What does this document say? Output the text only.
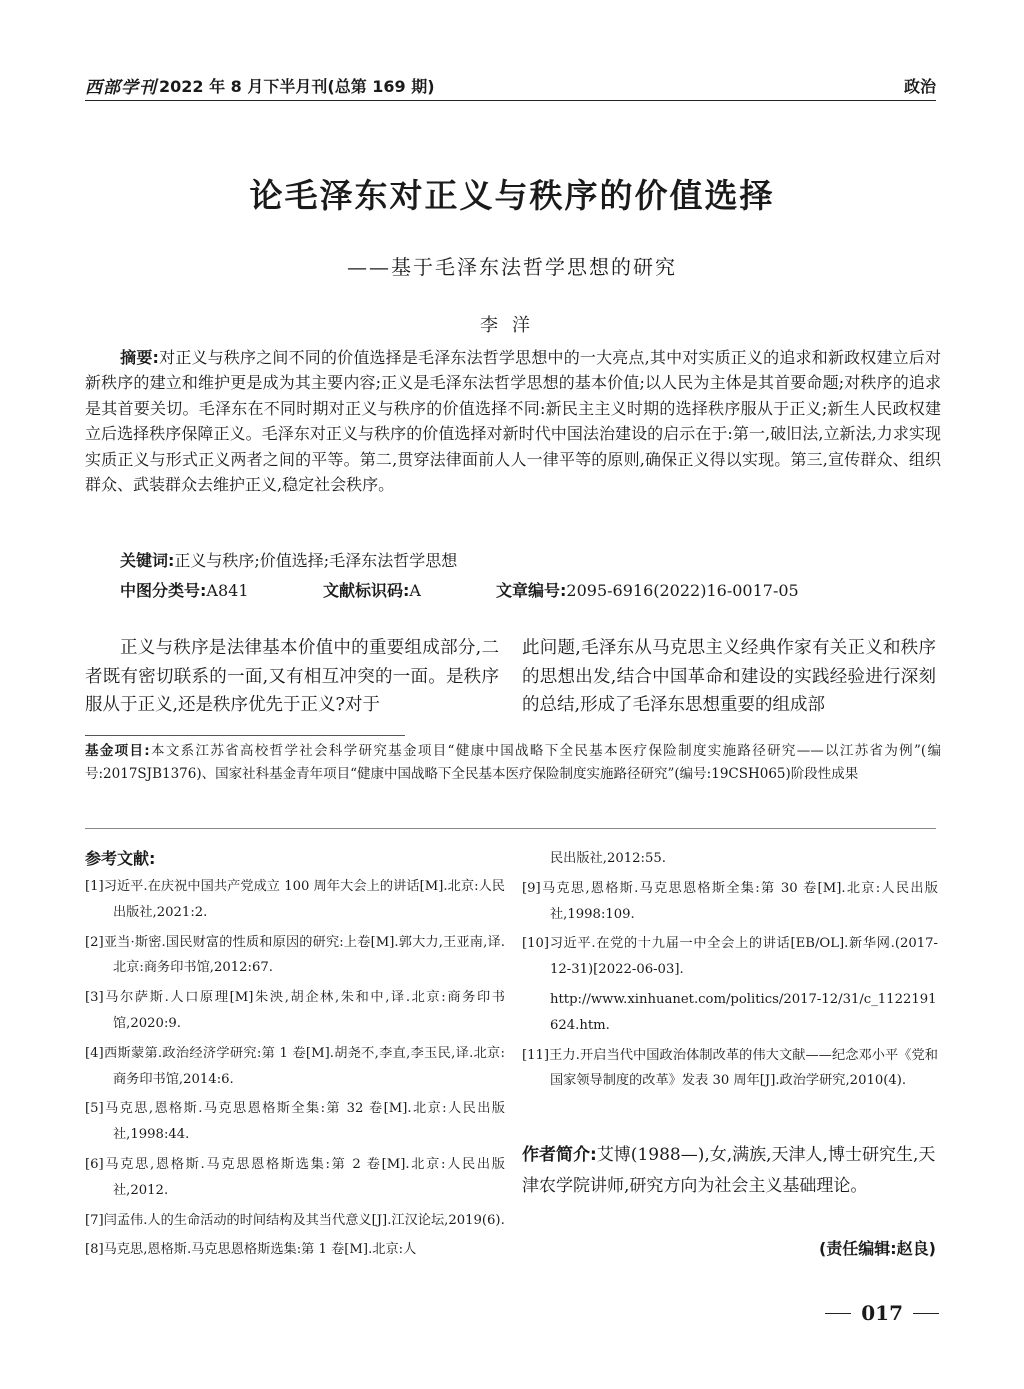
西部学刊 2022 年 8 月下半月刊(总第 169 期)	政治
论毛泽东对正义与秩序的价值选择
——基于毛泽东法哲学思想的研究
李洋
摘要:对正义与秩序之间不同的价值选择是毛泽东法哲学思想中的一大亮点,其中对实质正义的追求和新政权建立后对新秩序的建立和维护更是成为其主要内容;正义是毛泽东法哲学思想的基本价值;以人民为主体是其首要命题;对秩序的追求是其首要关切。毛泽东在不同时期对正义与秩序的价值选择不同:新民主主义时期的选择秩序服从于正义;新生人民政权建立后选择秩序保障正义。毛泽东对正义与秩序的价值选择对新时代中国法治建设的启示在于:第一,破旧法,立新法,力求实现实质正义与形式正义两者之间的平等。第二,贯穿法律面前人人一律平等的原则,确保正义得以实现。第三,宣传群众、组织群众、武装群众去维护正义,稳定社会秩序。
关键词:正义与秩序;价值选择;毛泽东法哲学思想
中图分类号:A841	文献标识码:A	文章编号:2095-6916(2022)16-0017-05
正义与秩序是法律基本价值中的重要组成部分,二者既有密切联系的一面,又有相互冲突的一面。是秩序服从于正义,还是秩序优先于正义?对于
此问题,毛泽东从马克思主义经典作家有关正义和秩序的思想出发,结合中国革命和建设的实践经验进行深刻的总结,形成了毛泽东思想重要的组成部
基金项目:本文系江苏省高校哲学社会科学研究基金项目“健康中国战略下全民基本医疗保险制度实施路径研究——以江苏省为例”(编号:2017SJB1376)、国家社科基金青年项目“健康中国战略下全民基本医疗保险制度实施路径研究”(编号:19CSH065)阶段性成果
参考文献:
[1]习近平.在庆祝中国共产党成立 100 周年大会上的讲话[M].北京:人民出版社,2021:2.
[2]亚当·斯密.国民财富的性质和原因的研究:上卷[M].郭大力,王亚南,译.北京:商务印书馆,2012:67.
[3]马尔萨斯.人口原理[M]朱泱,胡企林,朱和中,译.北京:商务印书馆,2020:9.
[4]西斯蒙第.政治经济学研究:第 1 卷[M].胡尧不,李直,李玉民,译.北京:商务印书馆,2014:6.
[5]马克思,恩格斯.马克思恩格斯全集:第 32 卷[M].北京:人民出版社,1998:44.
[6]马克思,恩格斯.马克思恩格斯选集:第 2 卷[M].北京:人民出版社,2012.
[7]闫孟伟.人的生命活动的时间结构及其当代意义[J].江汉论坛,2019(6).
[8]马克思,恩格斯.马克思恩格斯选集:第 1 卷[M].北京:人
民出版社,2012:55.
[9]马克思,恩格斯.马克思恩格斯全集:第 30 卷[M].北京:人民出版社,1998:109.
[10]习近平.在党的十九届一中全会上的讲话[EB/OL].新华网.(2017-12-31)[2022-06-03].
http://www.xinhuanet.com/politics/2017-12/31/c_1122191624.htm.
[11]王力.开启当代中国政治体制改革的伟大文献——纪念邓小平《党和国家领导制度的改革》发表 30 周年[J].政治学研究,2010(4).
作者简介:艾博(1988—),女,满族,天津人,博士研究生,天津农学院讲师,研究方向为社会主义基础理论。
(责任编辑:赵良)
017
